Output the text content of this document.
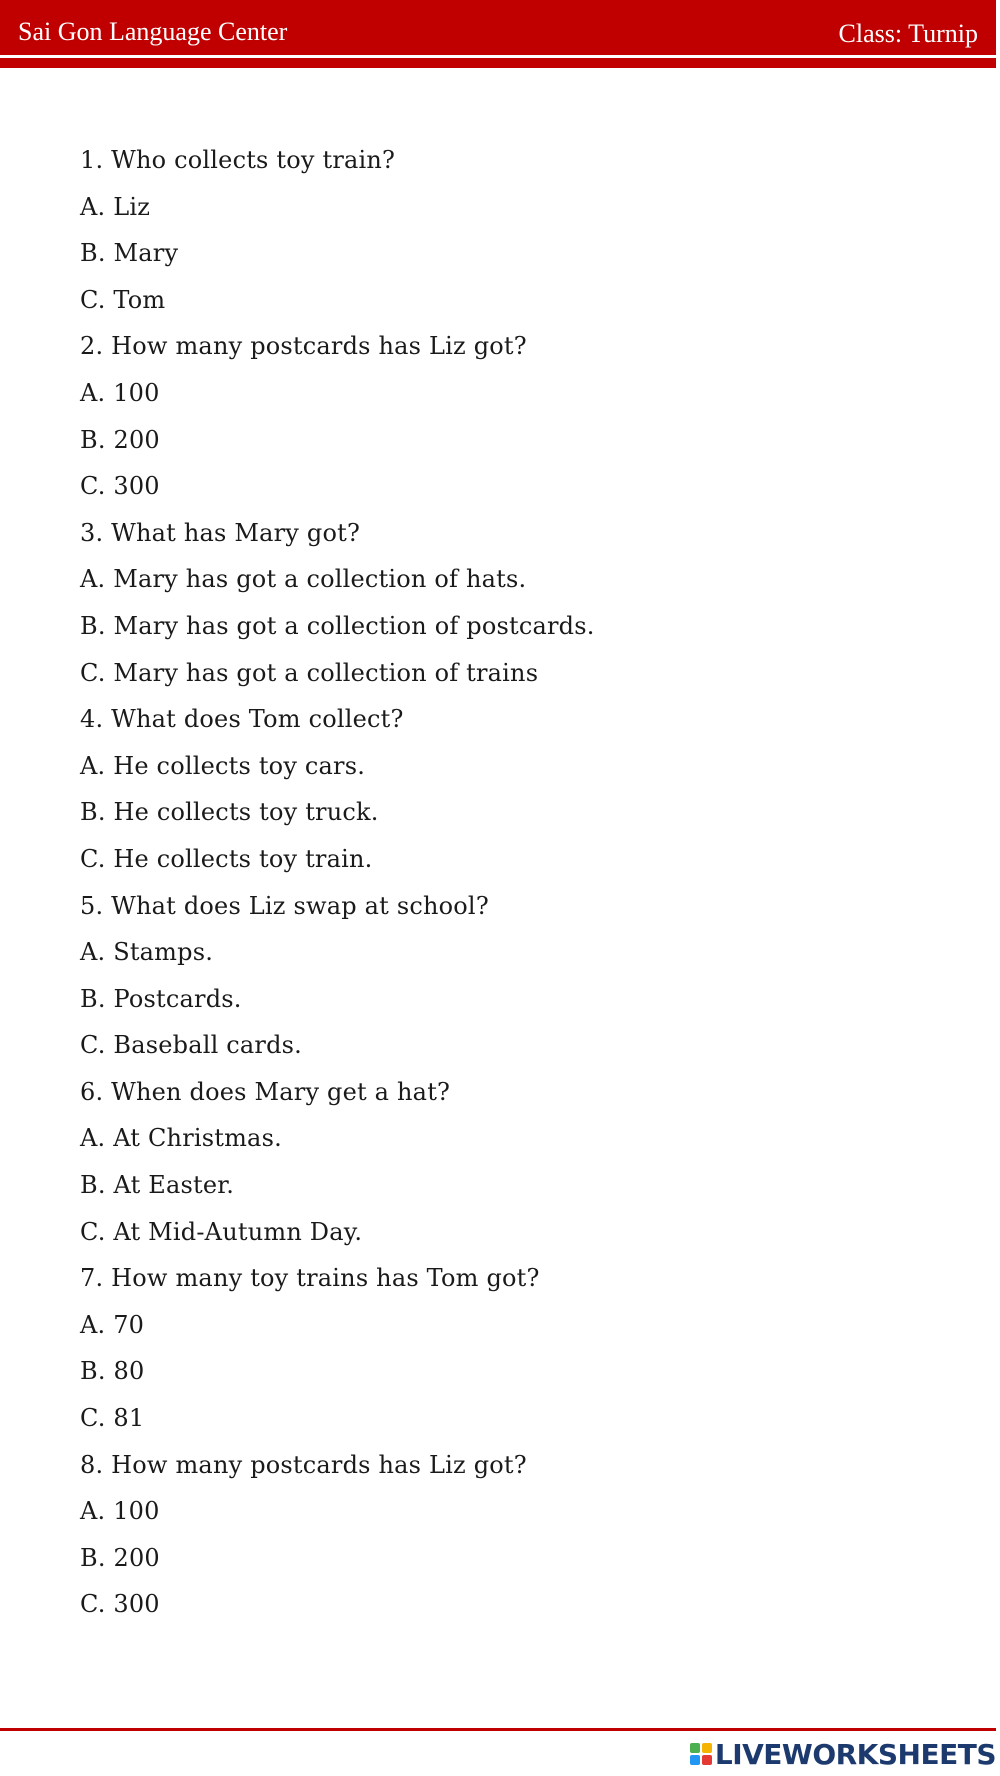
Sai Gon Language Center	Class: Turnip
1. Who collects toy train?
A. Liz
B. Mary
C. Tom
2. How many postcards has Liz got?
A. 100
B. 200
C. 300
3. What has Mary got?
A. Mary has got a collection of hats.
B. Mary has got a collection of postcards.
C. Mary has got a collection of trains
4. What does Tom collect?
A. He collects toy cars.
B. He collects toy truck.
C. He collects toy train.
5. What does Liz swap at school?
A. Stamps.
B. Postcards.
C. Baseball cards.
6. When does Mary get a hat?
A. At Christmas.
B. At Easter.
C. At Mid-Autumn Day.
7. How many toy trains has Tom got?
A. 70
B. 80
C. 81
8. How many postcards has Liz got?
A. 100
B. 200
C. 300
LIVEWORKSHEETS
